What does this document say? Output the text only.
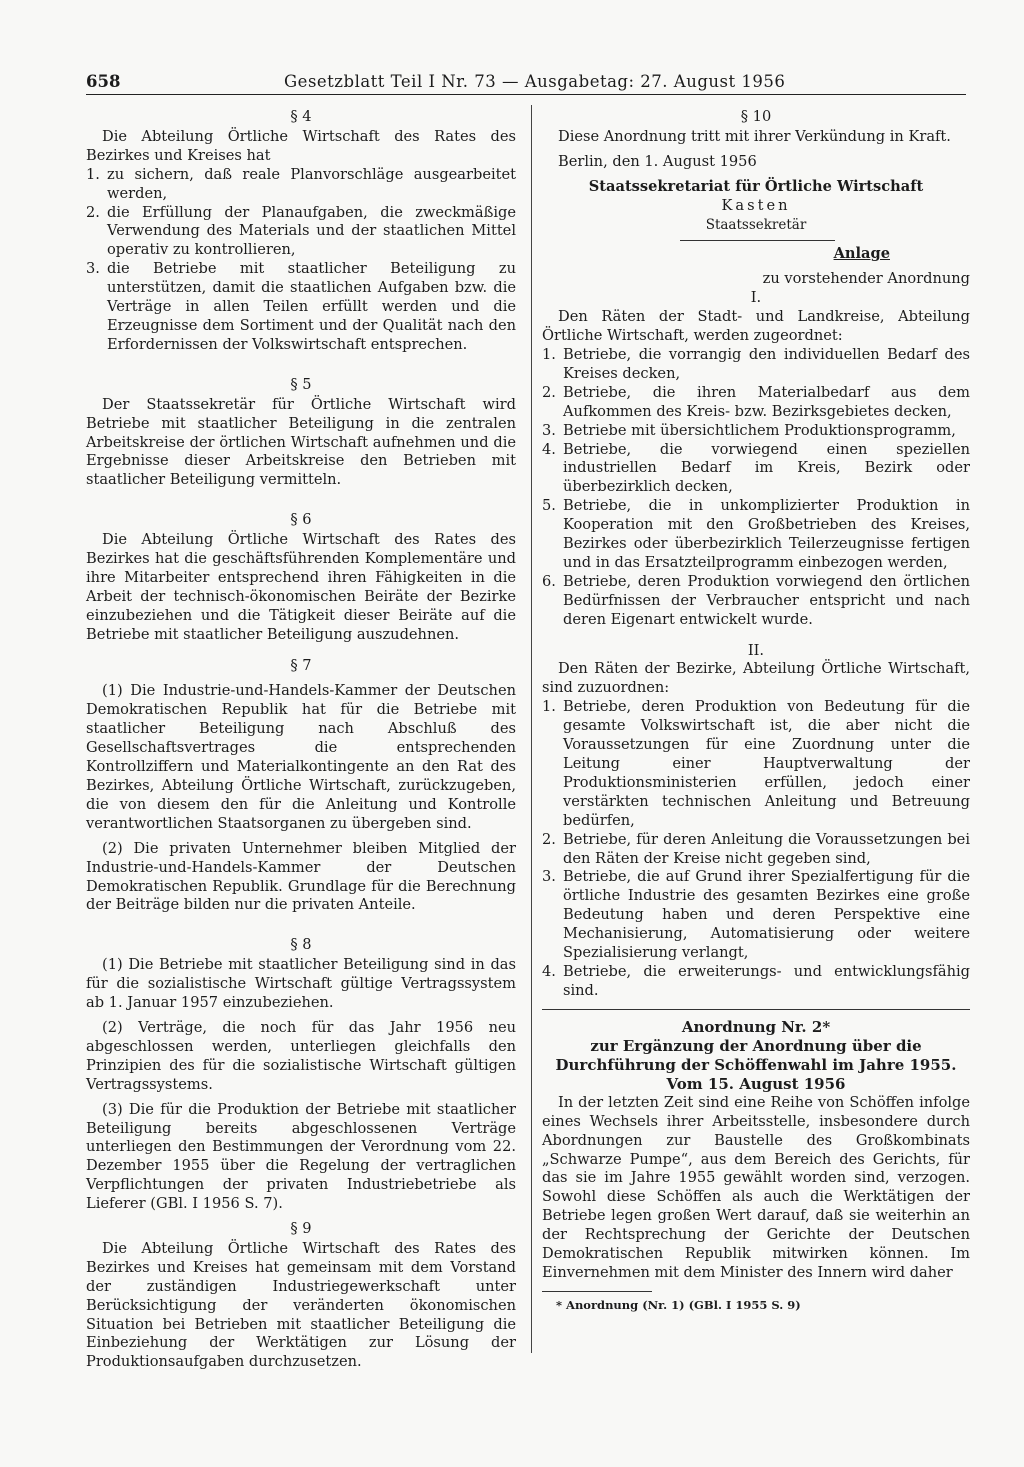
658	Gesetzblatt Teil I Nr. 73 — Ausgabetag: 27. August 1956

§ 4

Die Abteilung Örtliche Wirtschaft des Rates des Bezirkes und Kreises hat

1. zu sichern, daß reale Planvorschläge ausgearbeitet werden,
2. die Erfüllung der Planaufgaben, die zweckmäßige Verwendung des Materials und der staatlichen Mittel operativ zu kontrollieren,
3. die Betriebe mit staatlicher Beteiligung zu unterstützen, damit die staatlichen Aufgaben bzw. die Verträge in allen Teilen erfüllt werden und die Erzeugnisse dem Sortiment und der Qualität nach den Erfordernissen der Volkswirtschaft entsprechen.

§ 5

Der Staatssekretär für Örtliche Wirtschaft wird Betriebe mit staatlicher Beteiligung in die zentralen Arbeitskreise der örtlichen Wirtschaft aufnehmen und die Ergebnisse dieser Arbeitskreise den Betrieben mit staatlicher Beteiligung vermitteln.

§ 6

Die Abteilung Örtliche Wirtschaft des Rates des Bezirkes hat die geschäftsführenden Komplementäre und ihre Mitarbeiter entsprechend ihren Fähigkeiten in die Arbeit der technisch-ökonomischen Beiräte der Bezirke einzubeziehen und die Tätigkeit dieser Beiräte auf die Betriebe mit staatlicher Beteiligung auszudehnen.

§ 7

(1) Die Industrie-und-Handels-Kammer der Deutschen Demokratischen Republik hat für die Betriebe mit staatlicher Beteiligung nach Abschluß des Gesellschaftsvertrages die entsprechenden Kontrollziffern und Materialkontingente an den Rat des Bezirkes, Abteilung Örtliche Wirtschaft, zurückzugeben, die von diesem den für die Anleitung und Kontrolle verantwortlichen Staatsorganen zu übergeben sind.

(2) Die privaten Unternehmer bleiben Mitglied der Industrie-und-Handels-Kammer der Deutschen Demokratischen Republik. Grundlage für die Berechnung der Beiträge bilden nur die privaten Anteile.

§ 8

(1) Die Betriebe mit staatlicher Beteiligung sind in das für die sozialistische Wirtschaft gültige Vertragssystem ab 1. Januar 1957 einzubeziehen.

(2) Verträge, die noch für das Jahr 1956 neu abgeschlossen werden, unterliegen gleichfalls den Prinzipien des für die sozialistische Wirtschaft gültigen Vertragssystems.

(3) Die für die Produktion der Betriebe mit staatlicher Beteiligung bereits abgeschlossenen Verträge unterliegen den Bestimmungen der Verordnung vom 22. Dezember 1955 über die Regelung der vertraglichen Verpflichtungen der privaten Industriebetriebe als Lieferer (GBl. I 1956 S. 7).

§ 9

Die Abteilung Örtliche Wirtschaft des Rates des Bezirkes und Kreises hat gemeinsam mit dem Vorstand der zuständigen Industriegewerkschaft unter Berücksichtigung der veränderten ökonomischen Situation bei Betrieben mit staatlicher Beteiligung die Einbeziehung der Werktätigen zur Lösung der Produktionsaufgaben durchzusetzen.

§ 10

Diese Anordnung tritt mit ihrer Verkündung in Kraft.

Berlin, den 1. August 1956

Staatssekretariat für Örtliche Wirtschaft

Kasten

Staatssekretär

Anlage

zu vorstehender Anordnung

I.

Den Räten der Stadt- und Landkreise, Abteilung Örtliche Wirtschaft, werden zugeordnet:

1. Betriebe, die vorrangig den individuellen Bedarf des Kreises decken,
2. Betriebe, die ihren Materialbedarf aus dem Aufkommen des Kreis- bzw. Bezirksgebietes decken,
3. Betriebe mit übersichtlichem Produktionsprogramm,
4. Betriebe, die vorwiegend einen speziellen industriellen Bedarf im Kreis, Bezirk oder überbezirklich decken,
5. Betriebe, die in unkomplizierter Produktion in Kooperation mit den Großbetrieben des Kreises, Bezirkes oder überbezirklich Teilerzeugnisse fertigen und in das Ersatzteilprogramm einbezogen werden,
6. Betriebe, deren Produktion vorwiegend den örtlichen Bedürfnissen der Verbraucher entspricht und nach deren Eigenart entwickelt wurde.

II.

Den Räten der Bezirke, Abteilung Örtliche Wirtschaft, sind zuzuordnen:

1. Betriebe, deren Produktion von Bedeutung für die gesamte Volkswirtschaft ist, die aber nicht die Voraussetzungen für eine Zuordnung unter die Leitung einer Hauptverwaltung der Produktionsministerien erfüllen, jedoch einer verstärkten technischen Anleitung und Betreuung bedürfen,
2. Betriebe, für deren Anleitung die Voraussetzungen bei den Räten der Kreise nicht gegeben sind,
3. Betriebe, die auf Grund ihrer Spezialfertigung für die örtliche Industrie des gesamten Bezirkes eine große Bedeutung haben und deren Perspektive eine Mechanisierung, Automatisierung oder weitere Spezialisierung verlangt,
4. Betriebe, die erweiterungs- und entwicklungsfähig sind.

Anordnung Nr. 2*

zur Ergänzung der Anordnung über die Durchführung der Schöffenwahl im Jahre 1955.

Vom 15. August 1956

In der letzten Zeit sind eine Reihe von Schöffen infolge eines Wechsels ihrer Arbeitsstelle, insbesondere durch Abordnungen zur Baustelle des Großkombinats „Schwarze Pumpe“, aus dem Bereich des Gerichts, für das sie im Jahre 1955 gewählt worden sind, verzogen. Sowohl diese Schöffen als auch die Werktätigen der Betriebe legen großen Wert darauf, daß sie weiterhin an der Rechtsprechung der Gerichte der Deutschen Demokratischen Republik mitwirken können. Im Einvernehmen mit dem Minister des Innern wird daher

* Anordnung (Nr. 1) (GBl. I 1955 S. 9)
